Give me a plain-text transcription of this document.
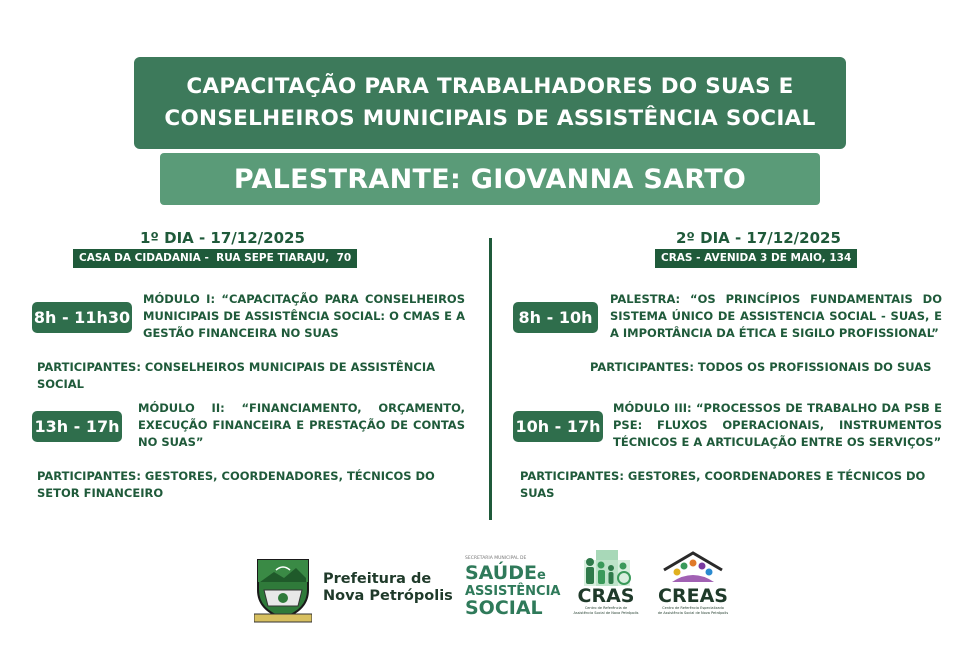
CAPACITAÇÃO PARA TRABALHADORES DO SUAS E
CONSELHEIROS MUNICIPAIS DE ASSISTÊNCIA SOCIAL
PALESTRANTE: GIOVANNA SARTO
1º DIA - 17/12/2025
CASA DA CIDADANIA -  RUA SEPE TIARAJU,  70
8h - 11h30
MÓDULO I: “CAPACITAÇÃO PARA CONSELHEIROS MUNICIPAIS DE ASSISTÊNCIA SOCIAL: O CMAS E A GESTÃO FINANCEIRA NO SUAS
PARTICIPANTES: CONSELHEIROS MUNICIPAIS DE ASSISTÊNCIA SOCIAL
13h - 17h
MÓDULO II: “FINANCIAMENTO, ORÇAMENTO, EXECUÇÃO FINANCEIRA E PRESTAÇÃO DE CONTAS NO SUAS”
PARTICIPANTES: GESTORES, COORDENADORES, TÉCNICOS DO SETOR FINANCEIRO
2º DIA - 17/12/2025
CRAS - AVENIDA 3 DE MAIO, 134
8h - 10h
PALESTRA: “OS PRINCÍPIOS FUNDAMENTAIS DO SISTEMA ÚNICO DE ASSISTENCIA SOCIAL - SUAS, E A IMPORTÂNCIA DA ÉTICA E SIGILO PROFISSIONAL”
PARTICIPANTES: TODOS OS PROFISSIONAIS DO SUAS
10h - 17h
MÓDULO III: “PROCESSOS DE TRABALHO DA PSB E PSE: FLUXOS OPERACIONAIS, INSTRUMENTOS TÉCNICOS E A ARTICULAÇÃO ENTRE OS SERVIÇOS”
PARTICIPANTES: GESTORES, COORDENADORES E TÉCNICOS DO SUAS
Prefeitura de
Nova Petrópolis
SECRETARIA MUNICIPAL DE
SAÚDEe
ASSISTÊNCIA
SOCIAL
CRAS
Centro de Referência de
Assistência Social de Nova Petrópolis
CREAS
Centro de Referência Especializado
de Assistência Social de Nova Petrópolis
